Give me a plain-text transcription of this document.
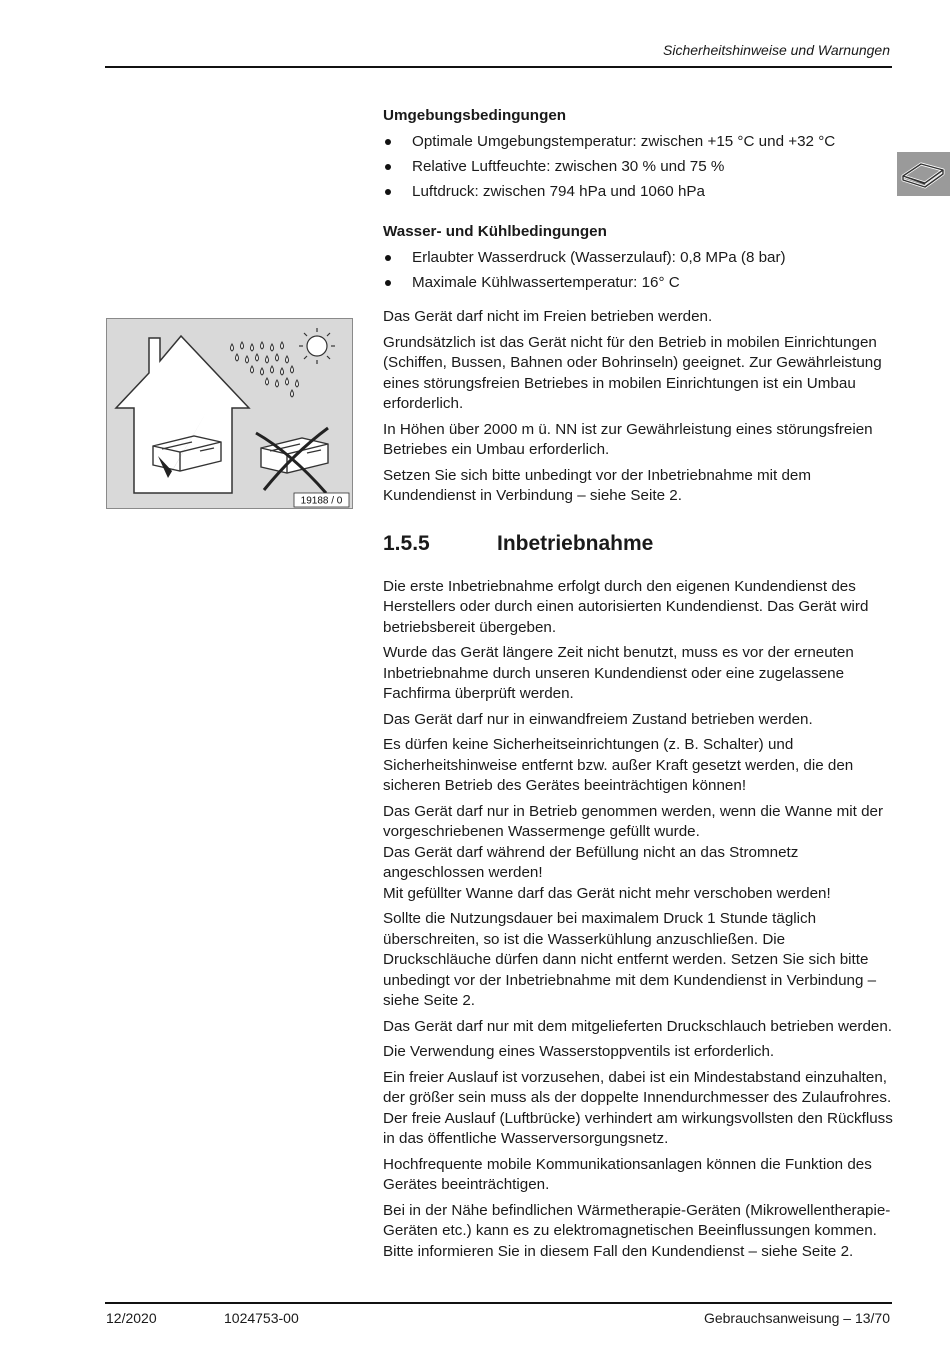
Sicherheitshinweise und Warnungen
19188 / 0

Umgebungsbedingungen

Optimale Umgebungstemperatur: zwischen +15 °C und +32 °C
Relative Luftfeuchte: zwischen 30 % und 75 %
Luftdruck: zwischen 794 hPa und 1060 hPa

Wasser- und Kühlbedingungen

Erlaubter Wasserdruck (Wasserzulauf): 0,8 MPa (8 bar)
Maximale Kühlwassertemperatur: 16° C

Das Gerät darf nicht im Freien betrieben werden.

Grundsätzlich ist das Gerät nicht für den Betrieb in mobilen Einrichtungen (Schiffen, Bussen, Bahnen oder Bohrinseln) geeignet. Zur Gewährleistung eines störungsfreien Betriebes in mobilen Einrichtungen ist ein Umbau erforderlich.

In Höhen über 2000 m ü. NN ist zur Gewährleistung eines störungsfreien Betriebes ein Umbau erforderlich.

Setzen Sie sich bitte unbedingt vor der Inbetriebnahme mit dem Kundendienst in Verbindung – siehe Seite 2.

1.5.5	Inbetriebnahme

Die erste Inbetriebnahme erfolgt durch den eigenen Kundendienst des Herstellers oder durch einen autorisierten Kundendienst. Das Gerät wird betriebsbereit übergeben.

Wurde das Gerät längere Zeit nicht benutzt, muss es vor der erneuten Inbetriebnahme durch unseren Kundendienst oder eine zugelassene Fachfirma überprüft werden.

Das Gerät darf nur in einwandfreiem Zustand betrieben werden.

Es dürfen keine Sicherheitseinrichtungen (z. B. Schalter) und Sicherheitshinweise entfernt bzw. außer Kraft gesetzt werden, die den sicheren Betrieb des Gerätes beeinträchtigen können!

Das Gerät darf nur in Betrieb genommen werden, wenn die Wanne mit der vorgeschriebenen Wassermenge gefüllt wurde.
Das Gerät darf während der Befüllung nicht an das Stromnetz angeschlossen werden!
Mit gefüllter Wanne darf das Gerät nicht mehr verschoben werden!

Sollte die Nutzungsdauer bei maximalem Druck 1 Stunde täglich überschreiten, so ist die Wasserkühlung anzuschließen. Die Druckschläuche dürfen dann nicht entfernt werden. Setzen Sie sich bitte unbedingt vor der Inbetriebnahme mit dem Kundendienst in Verbindung – siehe Seite 2.

Das Gerät darf nur mit dem mitgelieferten Druckschlauch betrieben werden.

Die Verwendung eines Wasserstoppventils ist erforderlich.

Ein freier Auslauf ist vorzusehen, dabei ist ein Mindestabstand einzuhalten, der größer sein muss als der doppelte Innendurchmesser des Zulaufrohres. Der freie Auslauf (Luftbrücke) verhindert am wirkungsvollsten den Rückfluss in das öffentliche Wasserversorgungsnetz.

Hochfrequente mobile Kommunikationsanlagen können die Funktion des Gerätes beeinträchtigen.

Bei in der Nähe befindlichen Wärmetherapie-Geräten (Mikrowellentherapie-Geräten etc.) kann es zu elektromagnetischen Beeinflussungen kommen. Bitte informieren Sie in diesem Fall den Kundendienst – siehe Seite 2.

12/2020	1024753-00	Gebrauchsanweisung – 13/70
